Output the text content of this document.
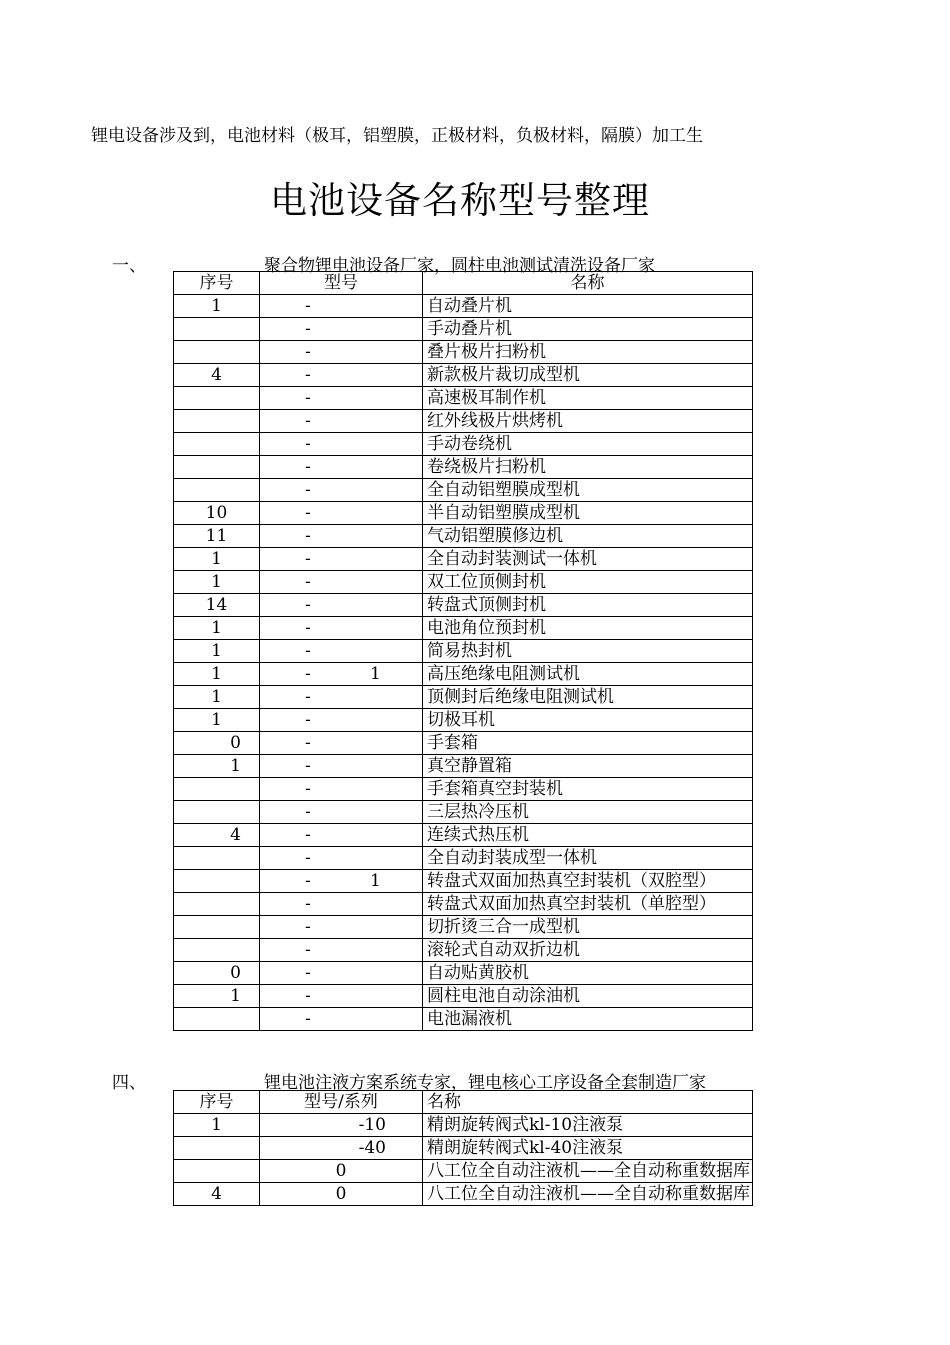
锂电设备涉及到，电池材料（极耳，铝塑膜，正极材料，负极材料，隔膜）加工生
电池设备名称型号整理
一、	聚合物锂电池设备厂家，圆柱电池测试清洗设备厂家
序号	型号	名称
1	-	自动叠片机

	-	手动叠片机

	-	叠片极片扫粉机
4	-	新款极片裁切成型机

	-	高速极耳制作机

	-	红外线极片烘烤机

	-	手动卷绕机

	-	卷绕极片扫粉机

	-	全自动铝塑膜成型机
10	-	半自动铝塑膜成型机
11	-	气动铝塑膜修边机
1	-	全自动封装测试一体机
1	-	双工位顶侧封机
14	-	转盘式顶侧封机
1	-	电池角位预封机
1	-	简易热封机
1	- 1	高压绝缘电阻测试机
1	-	顶侧封后绝缘电阻测试机
1	-	切极耳机
0	-	手套箱
1	-	真空静置箱

	-	手套箱真空封装机

	-	三层热冷压机
4	-	连续式热压机

	-	全自动封装成型一体机

	- 1	转盘式双面加热真空封装机（双腔型）

	-	转盘式双面加热真空封装机（单腔型）

	-	切折烫三合一成型机

	-	滚轮式自动双折边机
0	-	自动贴黄胶机
1	-	圆柱电池自动涂油机

	-	电池漏液机
四、	锂电池注液方案系统专家，锂电核心工序设备全套制造厂家
序号	型号/系列	名称
1	-10	精朗旋转阀式kl-10注液泵
	-40	精朗旋转阀式kl-40注液泵
	0	八工位全自动注液机——全自动称重数据库
4	0	八工位全自动注液机——全自动称重数据库
